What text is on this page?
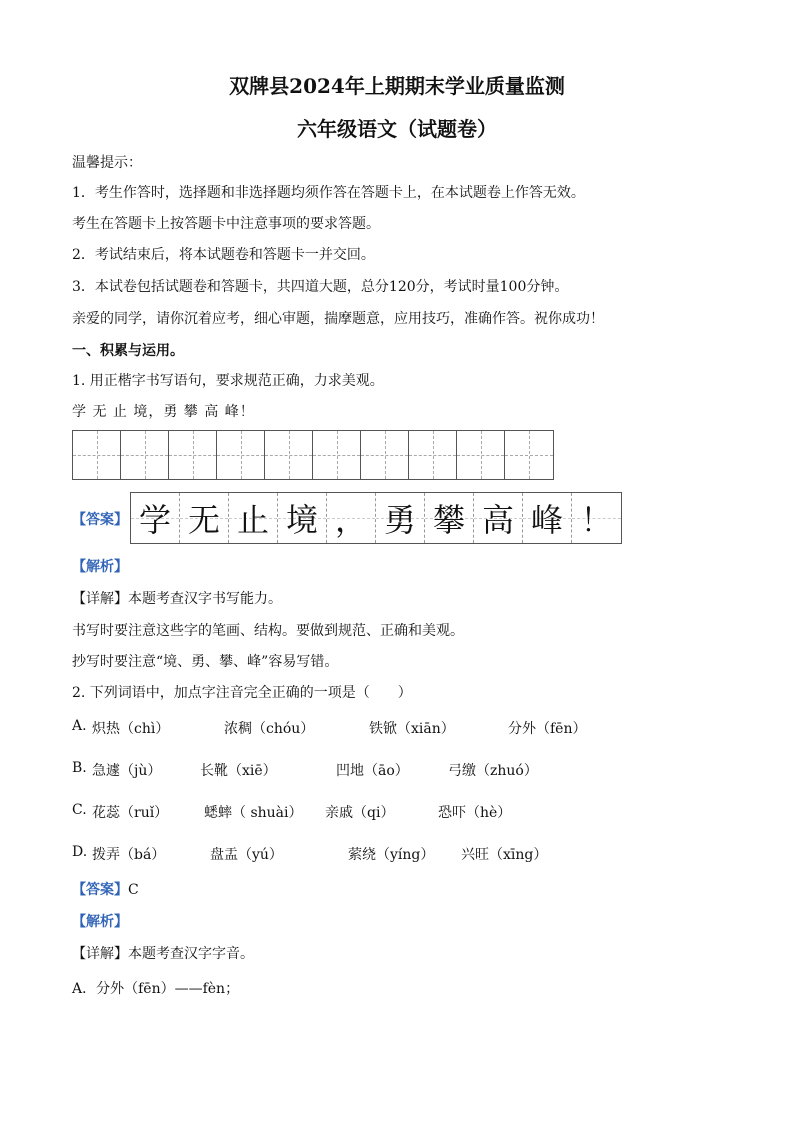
双牌县2024年上期期末学业质量监测
六年级语文（试题卷）
温馨提示：
1．考生作答时，选择题和非选择题均须作答在答题卡上，在本试题卷上作答无效。
考生在答题卡上按答题卡中注意事项的要求答题。
2．考试结束后，将本试题卷和答题卡一并交回。
3．本试卷包括试题卷和答题卡，共四道大题，总分120分，考试时量100分钟。
亲爱的同学，请你沉着应考，细心审题，揣摩题意，应用技巧，准确作答。祝你成功！
一、积累与运用。
1. 用正楷字书写语句，要求规范正确，力求美观。
学 无 止 境，勇 攀 高 峰！
【答案】 学 无 止 境 ， 勇 攀 高 峰 ！
【解析】
【详解】本题考查汉字书写能力。
书写时要注意这些字的笔画、结构。要做到规范、正确和美观。
抄写时要注意“境、勇、攀、峰”容易写错。
2. 下列词语中，加点字注音完全正确的一项是（　　）
A. 炽热（chì）	浓稠（chóu）	铁锨（xiān）	分外（fēn）
B. 急遽（jù）	长靴（xiē）	凹地（āo）	弓缴（zhuó）
C. 花蕊（ruǐ）	蟋蟀（ shuài） 亲戚（qi）	恐吓（hè）
D. 拨弄（bá）	盘盂（yú）	萦绕（yíng） 兴旺（xīng）
【答案】C
【解析】
【详解】本题考查汉字字音。
A．分外（fēn）——fèn；
